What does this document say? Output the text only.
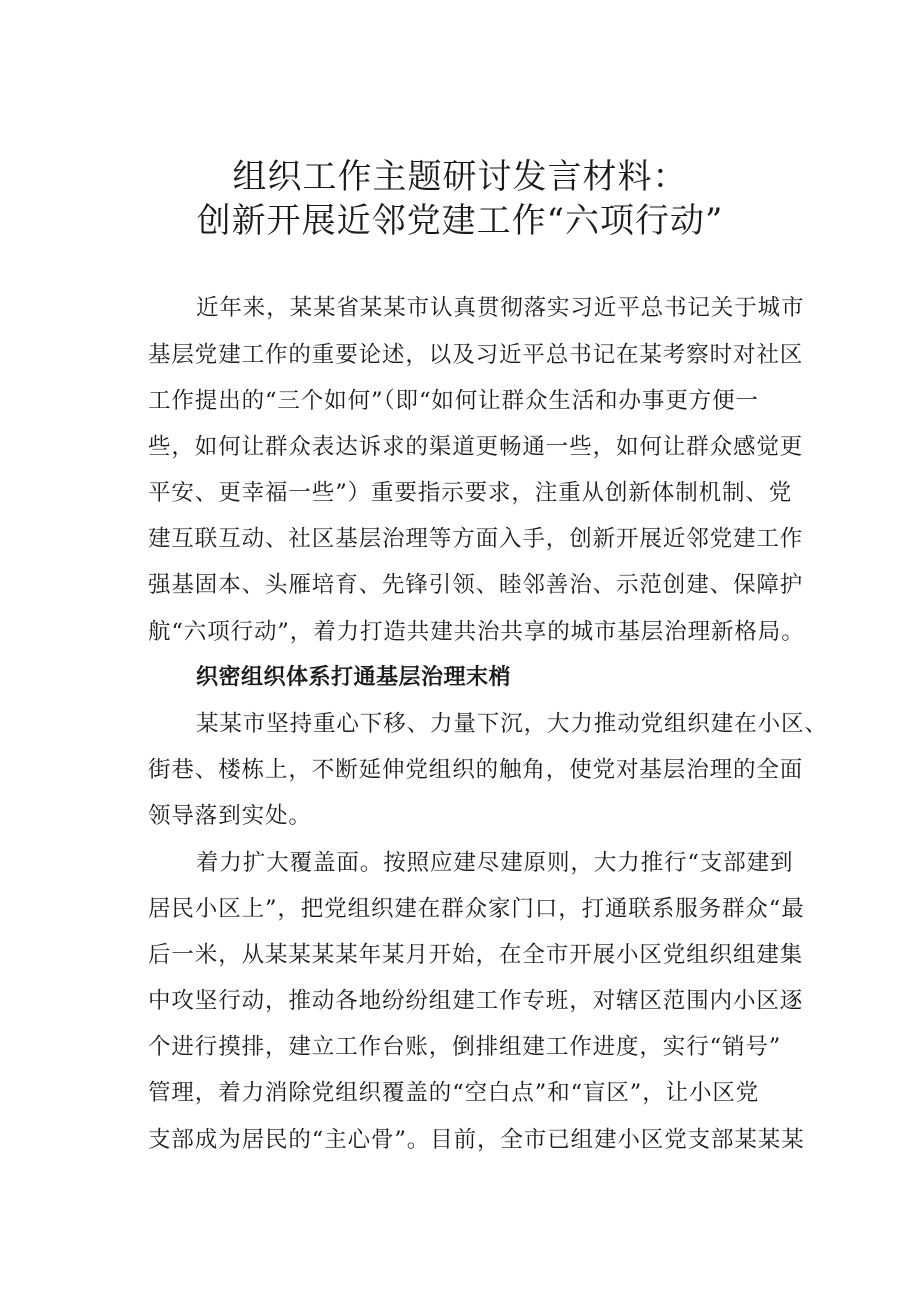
组织工作主题研讨发言材料：
创新开展近邻党建工作“六项行动”
近年来，某某省某某市认真贯彻落实习近平总书记关于城市
基层党建工作的重要论述，以及习近平总书记在某考察时对社区
工作提出的“三个如何”（即“如何让群众生活和办事更方便一
些，如何让群众表达诉求的渠道更畅通一些，如何让群众感觉更
平安、更幸福一些”）重要指示要求，注重从创新体制机制、党
建互联互动、社区基层治理等方面入手，创新开展近邻党建工作
强基固本、头雁培育、先锋引领、睦邻善治、示范创建、保障护
航“六项行动”，着力打造共建共治共享的城市基层治理新格局。
织密组织体系打通基层治理末梢
某某市坚持重心下移、力量下沉，大力推动党组织建在小区、
街巷、楼栋上，不断延伸党组织的触角，使党对基层治理的全面
领导落到实处。
着力扩大覆盖面。按照应建尽建原则，大力推行“支部建到
居民小区上”，把党组织建在群众家门口，打通联系服务群众“最
后一米，从某某某某年某月开始，在全市开展小区党组织组建集
中攻坚行动，推动各地纷纷组建工作专班，对辖区范围内小区逐
个进行摸排，建立工作台账，倒排组建工作进度，实行“销号”
管理，着力消除党组织覆盖的“空白点”和“盲区”，让小区党
支部成为居民的“主心骨”。目前，全市已组建小区党支部某某某
